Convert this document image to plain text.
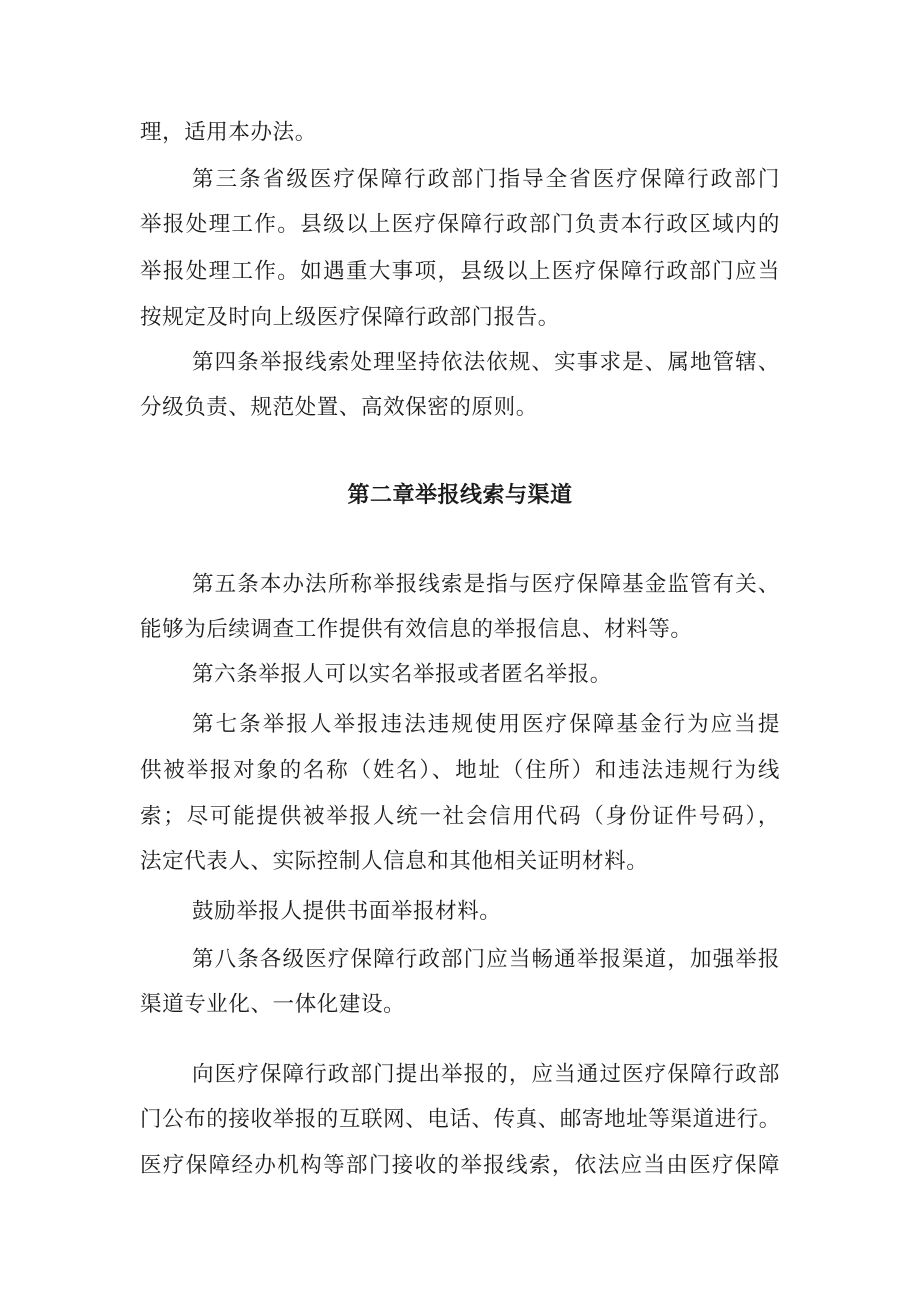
理，适用本办法。
第三条省级医疗保障行政部门指导全省医疗保障行政部门
举报处理工作。县级以上医疗保障行政部门负责本行政区域内的
举报处理工作。如遇重大事项，县级以上医疗保障行政部门应当
按规定及时向上级医疗保障行政部门报告。
第四条举报线索处理坚持依法依规、实事求是、属地管辖、
分级负责、规范处置、高效保密的原则。
第二章举报线索与渠道
第五条本办法所称举报线索是指与医疗保障基金监管有关、
能够为后续调查工作提供有效信息的举报信息、材料等。
第六条举报人可以实名举报或者匿名举报。
第七条举报人举报违法违规使用医疗保障基金行为应当提
供被举报对象的名称（姓名）、地址（住所）和违法违规行为线
索；尽可能提供被举报人统一社会信用代码（身份证件号码），
法定代表人、实际控制人信息和其他相关证明材料。
鼓励举报人提供书面举报材料。
第八条各级医疗保障行政部门应当畅通举报渠道，加强举报
渠道专业化、一体化建设。
向医疗保障行政部门提出举报的，应当通过医疗保障行政部
门公布的接收举报的互联网、电话、传真、邮寄地址等渠道进行。
医疗保障经办机构等部门接收的举报线索，依法应当由医疗保障
